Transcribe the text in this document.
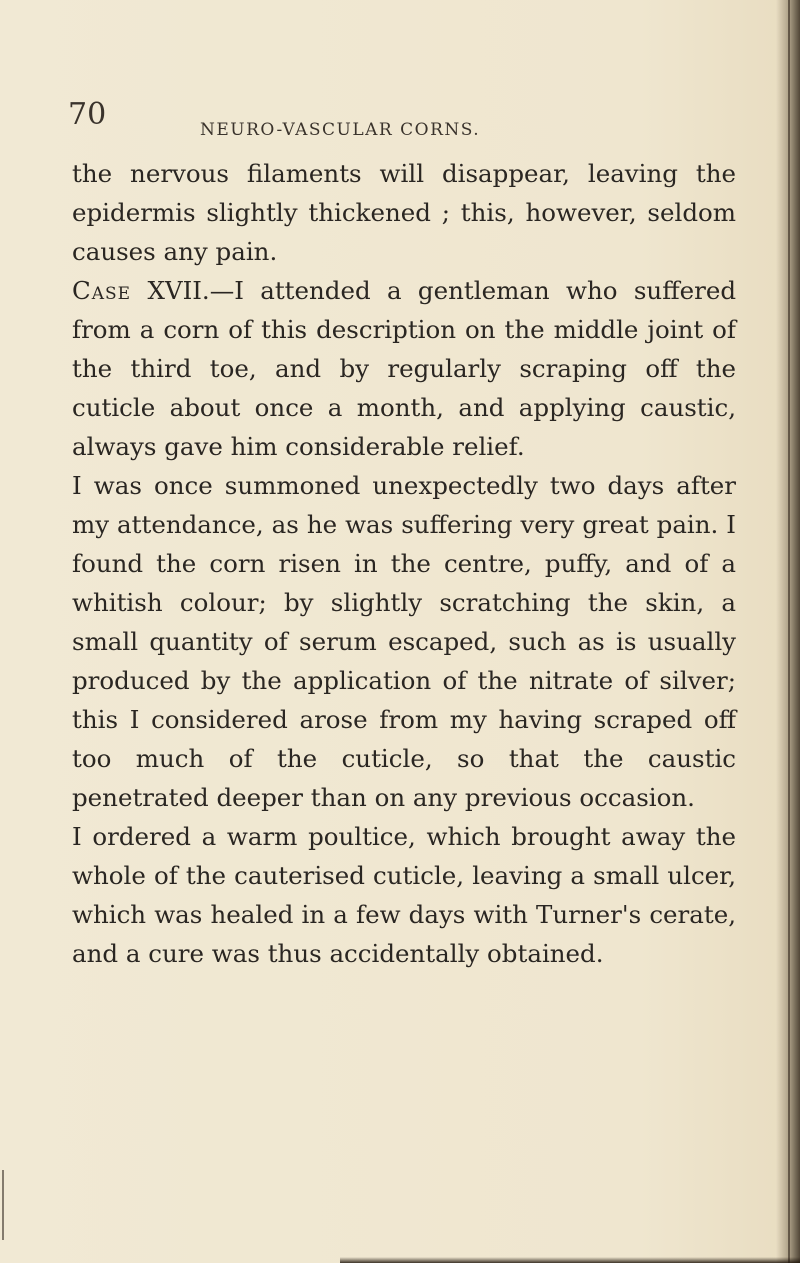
70	NEURO-VASCULAR CORNS.

the nervous filaments will disappear, leaving the epidermis slightly thickened ; this, however, seldom causes any pain.

Case XVII.—I attended a gentleman who suffered from a corn of this description on the middle joint of the third toe, and by regularly scraping off the cuticle about once a month, and applying caustic, always gave him considerable relief.

I was once summoned unexpectedly two days after my attendance, as he was suffering very great pain. I found the corn risen in the centre, puffy, and of a whitish colour; by slightly scratching the skin, a small quantity of serum escaped, such as is usually produced by the application of the nitrate of silver; this I considered arose from my having scraped off too much of the cuticle, so that the caustic penetrated deeper than on any previous occasion.

I ordered a warm poultice, which brought away the whole of the cauterised cuticle, leaving a small ulcer, which was healed in a few days with Turner's cerate, and a cure was thus accidentally obtained.
